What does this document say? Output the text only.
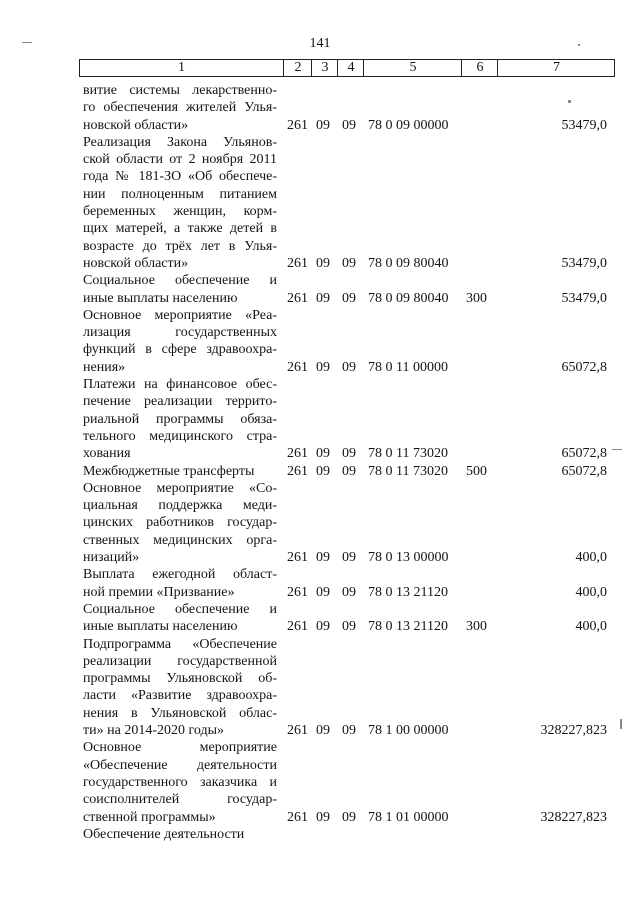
141
1	2	3	4	5	6	7
витие системы лекарственно-
го обеспечения жителей Улья-
новской области»	261 09 09 78 0 09 00000	53479,0
Реализация Закона Ульянов-
ской области от 2 ноября 2011
года № 181-ЗО «Об обеспече-
нии полноценным питанием
беременных женщин, корм-
щих матерей, а также детей в
возрасте до трёх лет в Улья-
новской области»	261 09 09 78 0 09 80040	53479,0
Социальное обеспечение и
иные выплаты населению	261 09 09 78 0 09 80040 300	53479,0
Основное мероприятие «Реа-
лизация государственных
функций в сфере здравоохра-
нения»	261 09 09 78 0 11 00000	65072,8
Платежи на финансовое обес-
печение реализации террито-
риальной программы обяза-
тельного медицинского стра-
хования	261 09 09 78 0 11 73020	65072,8
Межбюджетные трансферты	261 09 09 78 0 11 73020 500	65072,8
Основное мероприятие «Со-
циальная поддержка меди-
цинских работников государ-
ственных медицинских орга-
низаций»	261 09 09 78 0 13 00000	400,0
Выплата ежегодной област-
ной премии «Призвание»	261 09 09 78 0 13 21120	400,0
Социальное обеспечение и
иные выплаты населению	261 09 09 78 0 13 21120 300	400,0
Подпрограмма «Обеспечение
реализации государственной
программы Ульяновской об-
ласти «Развитие здравоохра-
нения в Ульяновской облас-
ти» на 2014-2020 годы»	261 09 09 78 1 00 00000	328227,823
Основное мероприятие
«Обеспечение деятельности
государственного заказчика и
соисполнителей государ-
ственной программы»	261 09 09 78 1 01 00000	328227,823
Обеспечение деятельности
